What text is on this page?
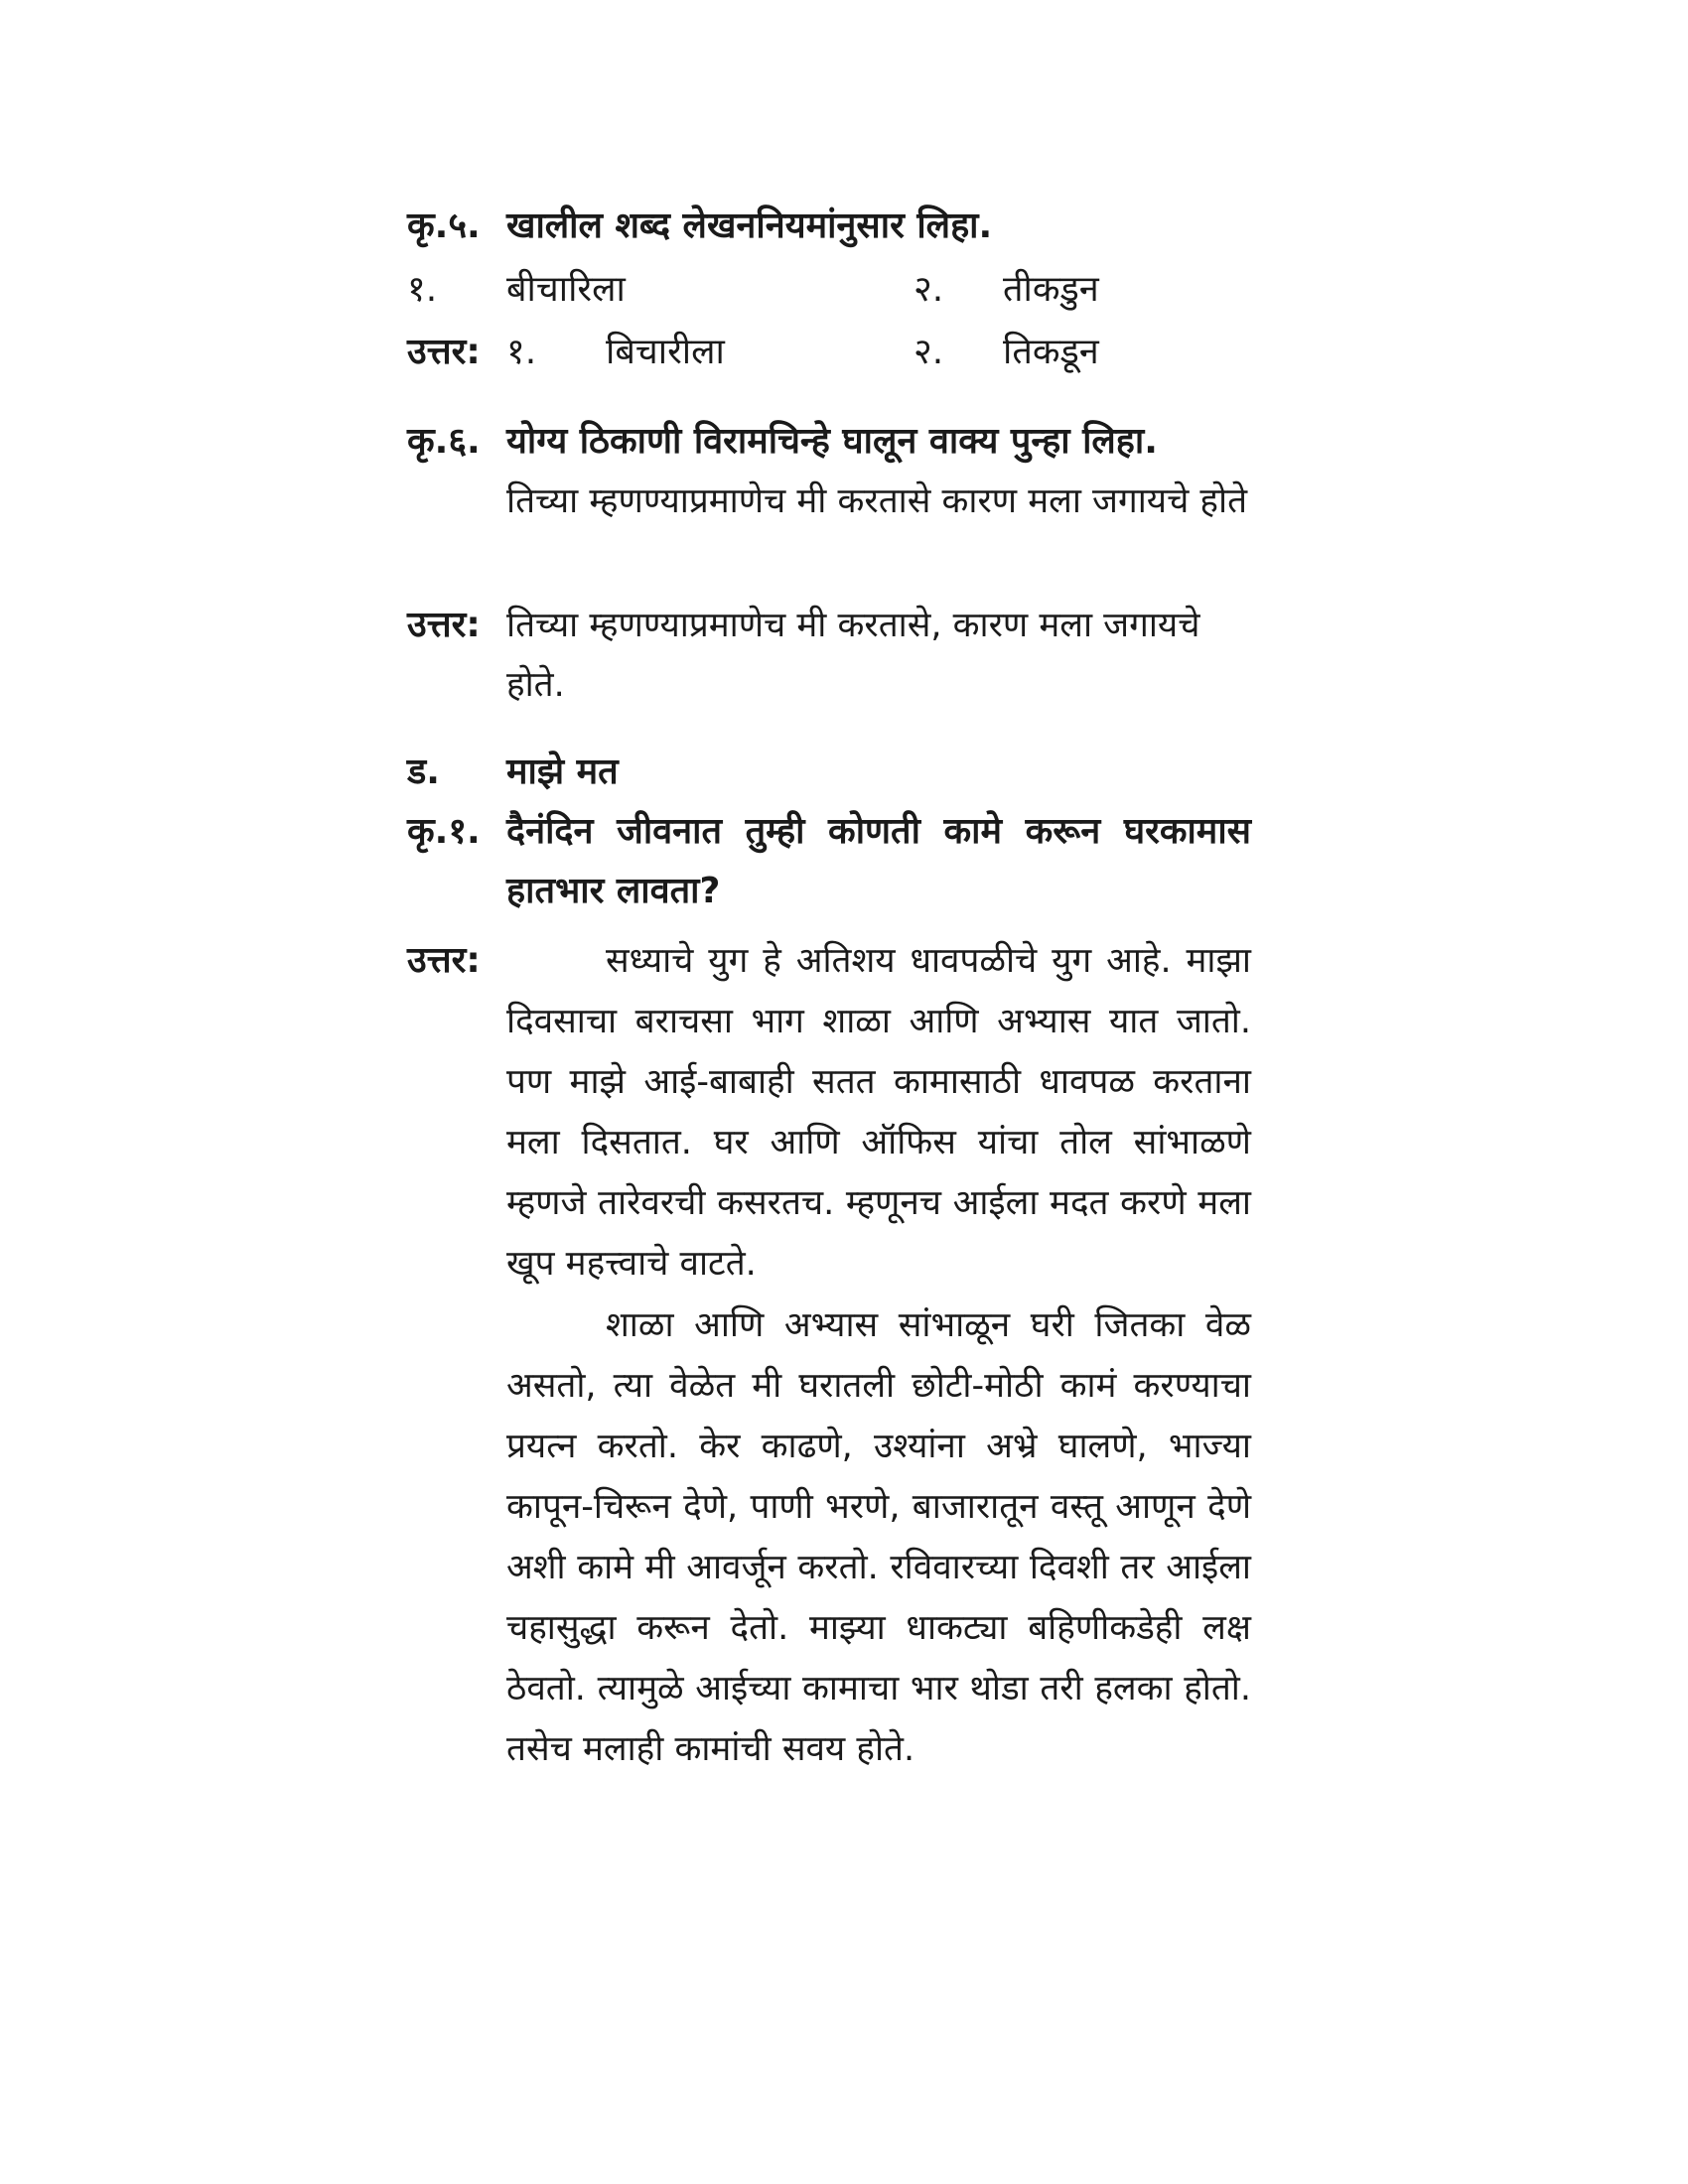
कृ.५. खालील शब्द लेखननियमांनुसार लिहा.
१. बीचारिला	२. तीकडुन
उत्तर: १. बिचारीला	२. तिकडून
कृ.६. योग्य ठिकाणी विरामचिन्हे घालून वाक्य पुन्हा लिहा.
तिच्या म्हणण्याप्रमाणेच मी करतासे कारण मला जगायचे होते
उत्तर: तिच्या म्हणण्याप्रमाणेच मी करतासे, कारण मला जगायचे होते.
ड. माझे मत
कृ.१. दैनंदिन जीवनात तुम्ही कोणती कामे करून घरकामास हातभार लावता?
उत्तर:	सध्याचे युग हे अतिशय धावपळीचे युग आहे. माझा दिवसाचा बराचसा भाग शाळा आणि अभ्यास यात जातो. पण माझे आई-बाबाही सतत कामासाठी धावपळ करताना मला दिसतात. घर आणि ऑफिस यांचा तोल सांभाळणे म्हणजे तारेवरची कसरतच. म्हणूनच आईला मदत करणे मला खूप महत्त्वाचे वाटते.
शाळा आणि अभ्यास सांभाळून घरी जितका वेळ असतो, त्या वेळेत मी घरातली छोटी-मोठी कामं करण्याचा प्रयत्न करतो. केर काढणे, उश्यांना अभ्रे घालणे, भाज्या कापून-चिरून देणे, पाणी भरणे, बाजारातून वस्तू आणून देणे अशी कामे मी आवर्जून करतो. रविवारच्या दिवशी तर आईला चहासुद्धा करून देतो. माझ्या धाकट्या बहिणीकडेही लक्ष ठेवतो. त्यामुळे आईच्या कामाचा भार थोडा तरी हलका होतो. तसेच मलाही कामांची सवय होते.
